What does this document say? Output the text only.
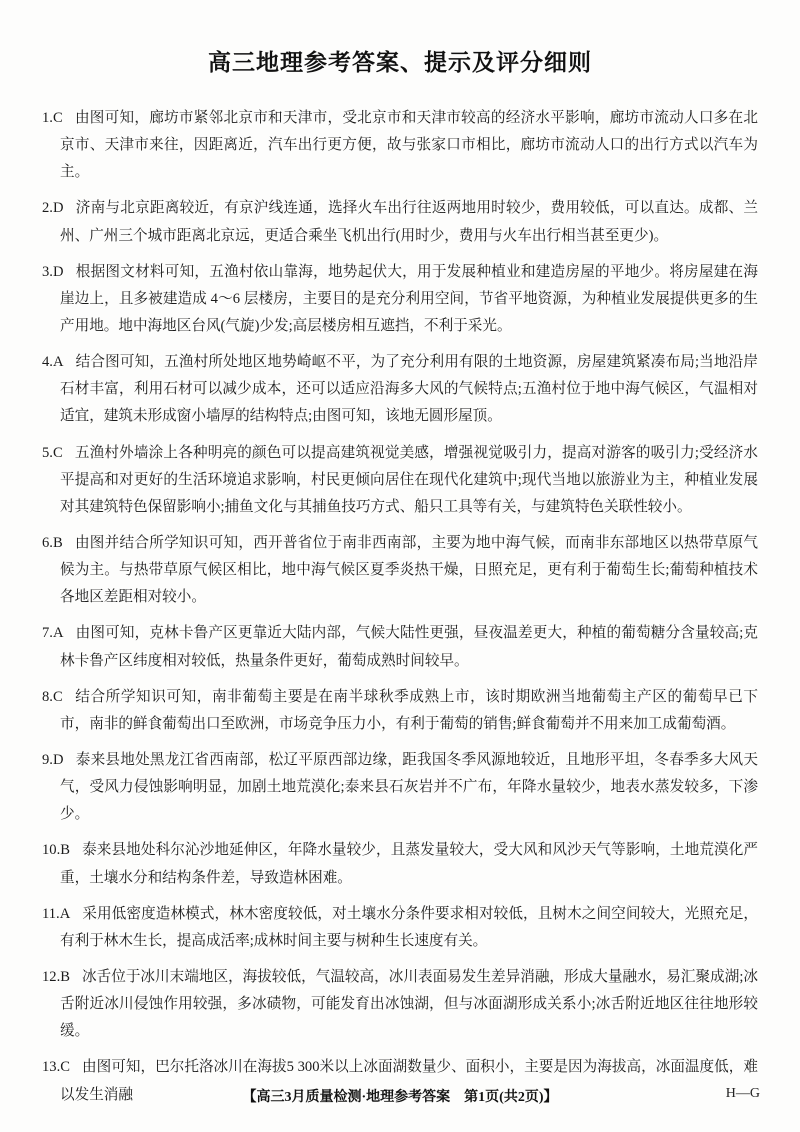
高三地理参考答案、提示及评分细则

1.C 由图可知，廊坊市紧邻北京市和天津市，受北京市和天津市较高的经济水平影响，廊坊市流动人口多在北京市、天津市来往，因距离近，汽车出行更方便，故与张家口市相比，廊坊市流动人口的出行方式以汽车为主。

2.D 济南与北京距离较近，有京沪线连通，选择火车出行往返两地用时较少，费用较低，可以直达。成都、兰州、广州三个城市距离北京远，更适合乘坐飞机出行(用时少，费用与火车出行相当甚至更少)。

3.D 根据图文材料可知，五渔村依山靠海，地势起伏大，用于发展种植业和建造房屋的平地少。将房屋建在海崖边上，且多被建造成 4～6 层楼房，主要目的是充分利用空间，节省平地资源，为种植业发展提供更多的生产用地。地中海地区台风(气旋)少发;高层楼房相互遮挡，不利于采光。

4.A 结合图可知，五渔村所处地区地势崎岖不平，为了充分利用有限的土地资源，房屋建筑紧凑布局;当地沿岸石材丰富，利用石材可以减少成本，还可以适应沿海多大风的气候特点;五渔村位于地中海气候区，气温相对适宜，建筑未形成窗小墙厚的结构特点;由图可知，该地无圆形屋顶。

5.C 五渔村外墙涂上各种明亮的颜色可以提高建筑视觉美感，增强视觉吸引力，提高对游客的吸引力;受经济水平提高和对更好的生活环境追求影响，村民更倾向居住在现代化建筑中;现代当地以旅游业为主，种植业发展对其建筑特色保留影响小;捕鱼文化与其捕鱼技巧方式、船只工具等有关，与建筑特色关联性较小。

6.B 由图并结合所学知识可知，西开普省位于南非西南部，主要为地中海气候，而南非东部地区以热带草原气候为主。与热带草原气候区相比，地中海气候区夏季炎热干燥，日照充足，更有利于葡萄生长;葡萄种植技术各地区差距相对较小。

7.A 由图可知，克林卡鲁产区更靠近大陆内部，气候大陆性更强，昼夜温差更大，种植的葡萄糖分含量较高;克林卡鲁产区纬度相对较低，热量条件更好，葡萄成熟时间较早。

8.C 结合所学知识可知，南非葡萄主要是在南半球秋季成熟上市，该时期欧洲当地葡萄主产区的葡萄早已下市，南非的鲜食葡萄出口至欧洲，市场竞争压力小，有利于葡萄的销售;鲜食葡萄并不用来加工成葡萄酒。

9.D 泰来县地处黑龙江省西南部，松辽平原西部边缘，距我国冬季风源地较近，且地形平坦，冬春季多大风天气，受风力侵蚀影响明显，加剧土地荒漠化;泰来县石灰岩并不广布，年降水量较少，地表水蒸发较多，下渗少。

10.B 泰来县地处科尔沁沙地延伸区，年降水量较少，且蒸发量较大，受大风和风沙天气等影响，土地荒漠化严重，土壤水分和结构条件差，导致造林困难。

11.A 采用低密度造林模式，林木密度较低，对土壤水分条件要求相对较低，且树木之间空间较大，光照充足，有利于林木生长，提高成活率;成林时间主要与树种生长速度有关。

12.B 冰舌位于冰川末端地区，海拔较低，气温较高，冰川表面易发生差异消融，形成大量融水，易汇聚成湖;冰舌附近冰川侵蚀作用较强，多冰碛物，可能发育出冰蚀湖，但与冰面湖形成关系小;冰舌附近地区往往地形较缓。

13.C 由图可知，巴尔托洛冰川在海拔5 300米以上冰面湖数量少、面积小，主要是因为海拔高，冰面温度低，难以发生消融	【高三3月质量检测·地理参考答案　第1页(共2页)】	H—G
